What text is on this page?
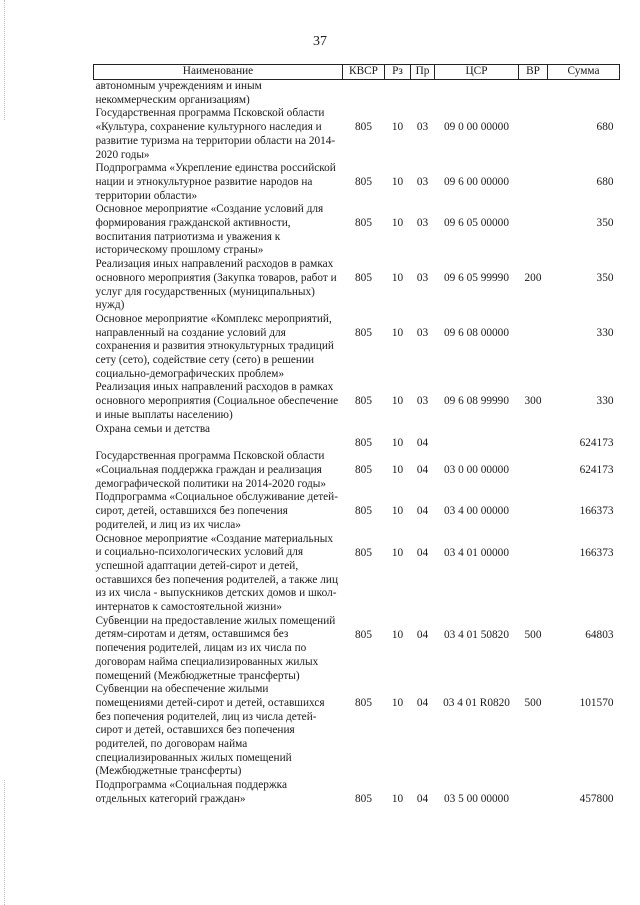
37
Наименование	КВСР	Рз	Пр	ЦСР	ВР	Сумма
автономным учреждениям и иным некоммерческим организациям)						
Государственная программа Псковской области «Культура, сохранение культурного наследия и развитие туризма на территории области на 2014-2020 годы»	805	10	03	09 0 00 00000		680
Подпрограмма «Укрепление единства российской нации и этнокультурное развитие народов на территории области»	805	10	03	09 6 00 00000		680
Основное мероприятие «Создание условий для формирования гражданской активности, воспитания патриотизма и уважения к историческому прошлому страны»	805	10	03	09 6 05 00000		350
Реализация иных направлений расходов в рамках основного мероприятия (Закупка товаров, работ и услуг для государственных (муниципальных) нужд)	805	10	03	09 6 05 99990	200	350
Основное мероприятие «Комплекс мероприятий, направленный на создание условий для сохранения и развития этнокультурных традиций сету (сето), содействие сету (сето) в решении социально-демографических проблем»	805	10	03	09 6 08 00000		330
Реализация иных направлений расходов в рамках основного мероприятия (Социальное обеспечение и иные выплаты населению)	805	10	03	09 6 08 99990	300	330
Охрана семьи и детства	805	10	04			624173
Государственная программа Псковской области «Социальная поддержка граждан и реализация демографической политики на 2014-2020 годы»	805	10	04	03 0 00 00000		624173
Подпрограмма «Социальное обслуживание детей-сирот, детей, оставшихся без попечения родителей, и лиц из их числа»	805	10	04	03 4 00 00000		166373
Основное мероприятие «Создание материальных и социально-психологических условий для успешной адаптации детей-сирот и детей, оставшихся без попечения родителей, а также лиц из их числа - выпускников детских домов и школ-интернатов к самостоятельной жизни»	805	10	04	03 4 01 00000		166373
Субвенции на предоставление жилых помещений детям-сиротам и детям, оставшимся без попечения родителей, лицам из их числа по договорам найма специализированных жилых помещений (Межбюджетные трансферты)	805	10	04	03 4 01 50820	500	64803
Субвенции на обеспечение жилыми помещениями детей-сирот и детей, оставшихся без попечения родителей, лиц из числа детей-сирот и детей, оставшихся без попечения родителей, по договорам найма специализированных жилых помещений (Межбюджетные трансферты)	805	10	04	03 4 01 R0820	500	101570
Подпрограмма «Социальная поддержка отдельных категорий граждан»	805	10	04	03 5 00 00000		457800
